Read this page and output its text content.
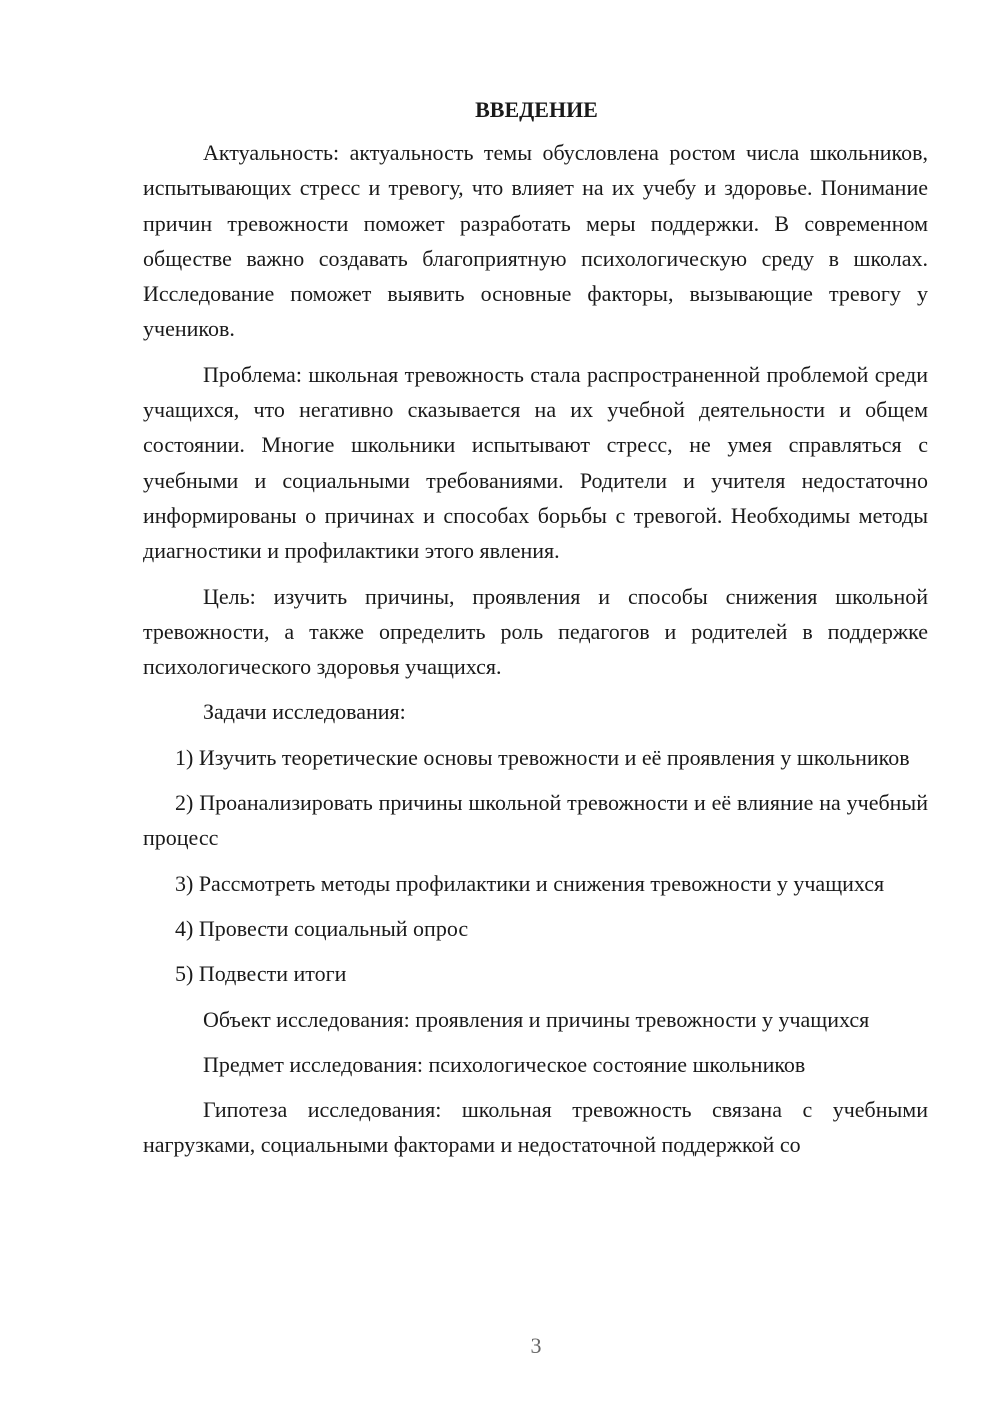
ВВЕДЕНИЕ

Актуальность: актуальность темы обусловлена ростом числа школьников, испытывающих стресс и тревогу, что влияет на их учебу и здоровье. Понимание причин тревожности поможет разработать меры поддержки. В современном обществе важно создавать благоприятную психологическую среду в школах. Исследование поможет выявить основные факторы, вызывающие тревогу у учеников.

Проблема: школьная тревожность стала распространенной проблемой среди учащихся, что негативно сказывается на их учебной деятельности и общем состоянии. Многие школьники испытывают стресс, не умея справляться с учебными и социальными требованиями. Родители и учителя недостаточно информированы о причинах и способах борьбы с тревогой. Необходимы методы диагностики и профилактики этого явления.

Цель: изучить причины, проявления и способы снижения школьной тревожности, а также определить роль педагогов и родителей в поддержке психологического здоровья учащихся.

Задачи исследования:

1) Изучить теоретические основы тревожности и её проявления у школьников

2) Проанализировать причины школьной тревожности и её влияние на учебный процесс

3) Рассмотреть методы профилактики и снижения тревожности у учащихся

4) Провести социальный опрос

5) Подвести итоги

Объект исследования: проявления и причины тревожности у учащихся

Предмет исследования: психологическое состояние школьников

Гипотеза исследования: школьная тревожность связана с учебными нагрузками, социальными факторами и недостаточной поддержкой со

3
